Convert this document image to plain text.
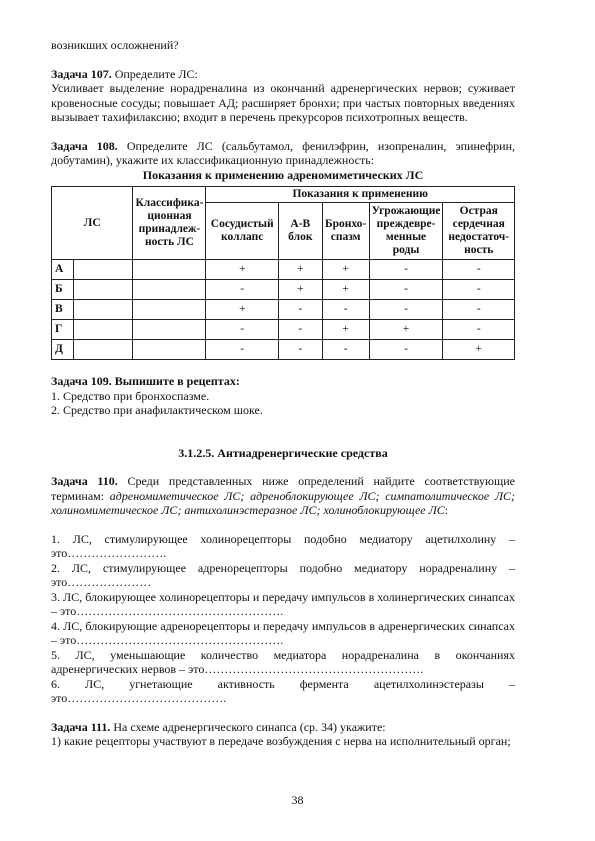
возникших осложнений?

Задача 107. Определите ЛС:

Усиливает выделение норадреналина из окончаний адренергических нервов; суживает кровеносные сосуды; повышает АД; расширяет бронхи; при частых повторных введениях вызывает тахифилаксию; входит в перечень прекурсоров психотропных веществ.

Задача 108. Определите ЛС (сальбутамол, фенилэфрин, изопреналин, эпинефрин, добутамин), укажите их классификационную принадлежность:

Показания к применению адреномиметических ЛС

ЛС		Классифика-ционная принадлеж-ность ЛС	Показания к применению				
			Сосудистый коллапс	А-В блок	Бронхо-спазм	Угрожающие преждевре-менные роды	Острая сердечная недостаточ-ность
А			+	+	+	-	-
Б			-	+	+	-	-
В			+	-	-	-	-
Г			-	-	+	+	-
Д			-	-	-	-	+

Задача 109. Выпишите в рецептах:

1. Средство при бронхоспазме.

2. Средство при анафилактическом шоке.

3.1.2.5. Антиадренергические средства

Задача 110. Среди представленных ниже определений найдите соответствующие терминам: адреномиметическое ЛС; адреноблокирующее ЛС; симпатолитическое ЛС; холиномиметическое ЛС; антихолинэстеразное ЛС; холиноблокирующее ЛС:

1. ЛС, стимулирующее холинорецепторы подобно медиатору ацетилхолину – это…………………….

2. ЛС, стимулирующее адренорецепторы подобно медиатору норадреналину – это…………………

3. ЛС, блокирующее холинорецепторы и передачу импульсов в холинергических синапсах – это…………………………………………….

4. ЛС, блокирующие адренорецепторы и передачу импульсов в адренергических синапсах – это…………………………………………….

5. ЛС, уменьшающие количество медиатора норадреналина в окончаниях адренергических нервов – это……………………………………………….

6. ЛС, угнетающие активность фермента ацетилхолинэстеразы – это………………………………….

Задача 111. На схеме адренергического синапса (ср. 34) укажите:

1) какие рецепторы участвуют в передаче возбуждения с нерва на исполнительный орган;

38
